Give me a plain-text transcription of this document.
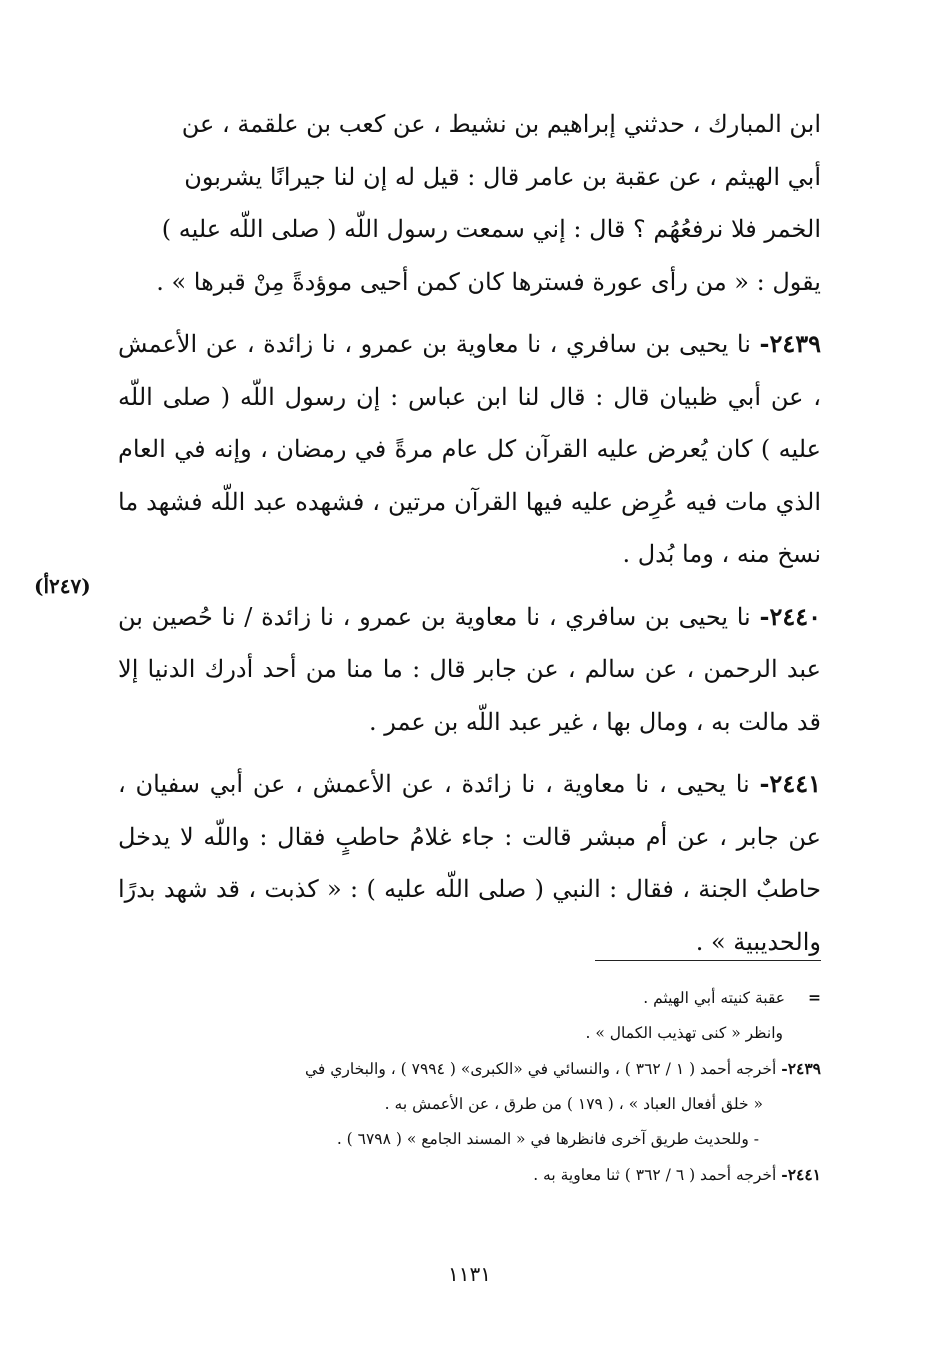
ابن المبارك ، حدثني إبراهيم بن نشيط ، عن كعب بن علقمة ، عن

أبي الهيثم ، عن عقبة بن عامر قال : قيل له إن لنا جيرانًا يشربون

الخمر فلا نرفعُهُم ؟ قال : إني سمعت رسول اللّه ( صلى اللّه عليه )

يقول : « من رأى عورة فسترها كان كمن أحيى موؤدةً مِنْ قبرها » .

٢٤٣٩- نا يحيى بن سافري ، نا معاوية بن عمرو ، نا زائدة ، عن الأعمش ، عن أبي ظبيان قال : قال لنا ابن عباس : إن رسول اللّه ( صلى اللّه عليه ) كان يُعرض عليه القرآن كل عام مرةً في رمضان ، وإنه في العام الذي مات فيه عُرِض عليه فيها القرآن مرتين ، فشهده عبد اللّه فشهد ما نسخ منه ، وما بُدل .

٢٤٤٠- نا يحيى بن سافري ، نا معاوية بن عمرو ، نا زائدة / نا حُصين بن عبد الرحمن ، عن سالم ، عن جابر قال : ما منا من أحد أدرك الدنيا إلا قد مالت به ، ومال بها ، غير عبد اللّه بن عمر .

٢٤٤١- نا يحيى ، نا معاوية ، نا زائدة ، عن الأعمش ، عن أبي سفيان ، عن جابر ، عن أم مبشر قالت : جاء غلامُ حاطبٍ فقال : واللّه لا يدخل حاطبٌ الجنة ، فقال : النبي ( صلى اللّه عليه ) : « كذبت ، قد شهد بدرًا والحديبية » .

(٢٤٧أ)

= عقبة كنيته أبي الهيثم .

وانظر « كنى تهذيب الكمال » .

٢٤٣٩- أخرجه أحمد ( ١ / ٣٦٢ ) ، والنسائي في «الكبرى» ( ٧٩٩٤ ) ، والبخاري في

« خلق أفعال العباد » ، ( ١٧٩ ) من طرق ، عن الأعمش به .

- وللحديث طريق آخرى فانظرها في « المسند الجامع » ( ٦٧٩٨ ) .

٢٤٤١- أخرجه أحمد ( ٦ / ٣٦٢ ) ثنا معاوية به .

١١٣١
